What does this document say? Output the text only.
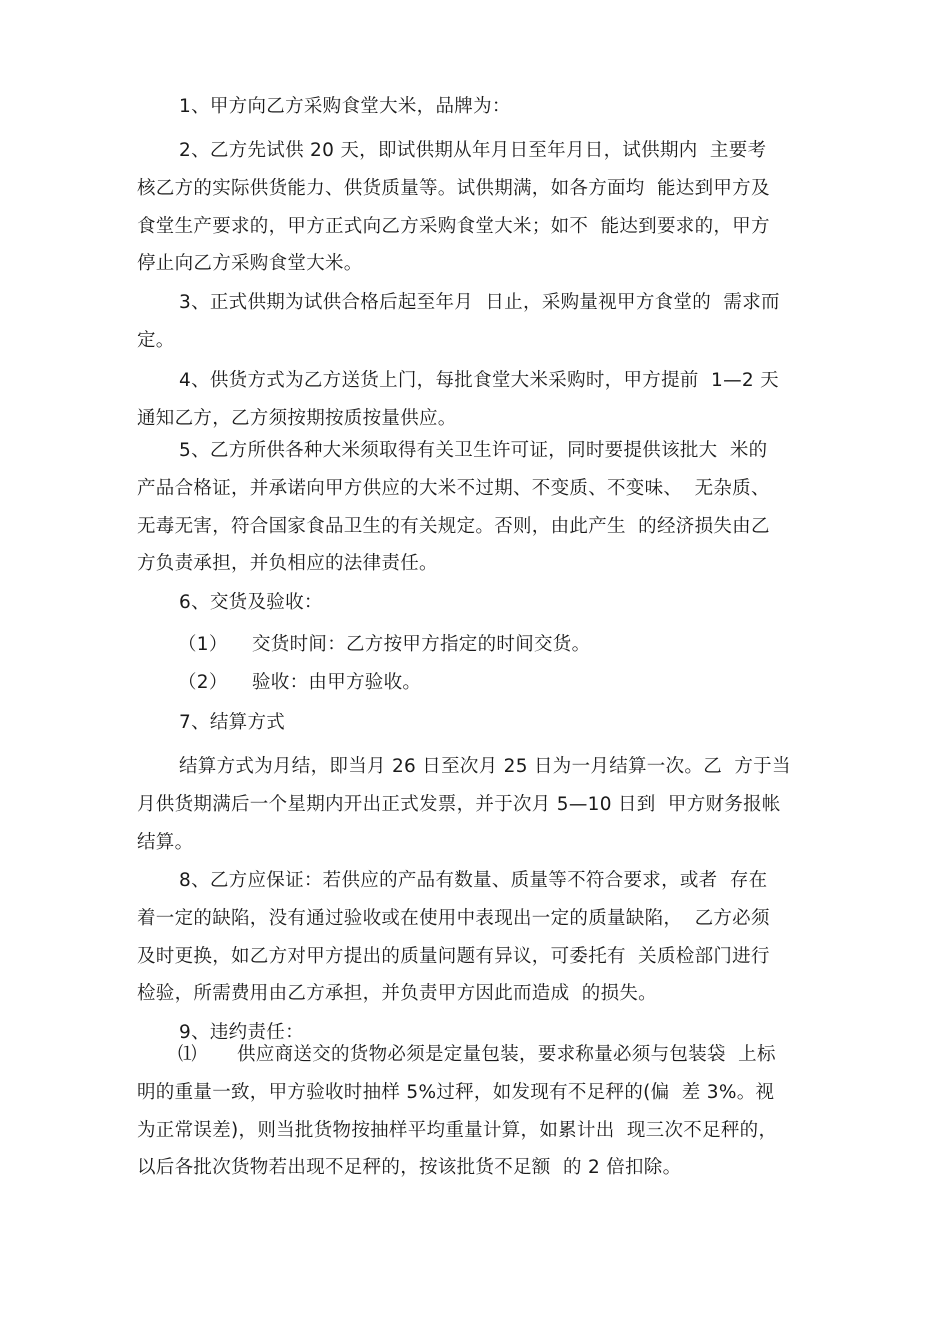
1、甲方向乙方采购食堂大米，品牌为：
2、乙方先试供 20 天，即试供期从年月日至年月日，试供期内  主要考
核乙方的实际供货能力、供货质量等。试供期满，如各方面均  能达到甲方及
食堂生产要求的，甲方正式向乙方采购食堂大米；如不  能达到要求的，甲方
停止向乙方采购食堂大米。
3、正式供期为试供合格后起至年月  日止，采购量视甲方食堂的  需求而
定。
4、供货方式为乙方送货上门，每批食堂大米采购时，甲方提前  1—2 天
通知乙方，乙方须按期按质按量供应。
5、乙方所供各种大米须取得有关卫生许可证，同时要提供该批大  米的
产品合格证，并承诺向甲方供应的大米不过期、不变质、不变味、  无杂质、
无毒无害，符合国家食品卫生的有关规定。否则，由此产生  的经济损失由乙
方负责承担，并负相应的法律责任。
6、交货及验收：
（1） 交货时间：乙方按甲方指定的时间交货。
（2） 验收：由甲方验收。
7、结算方式
结算方式为月结，即当月 26 日至次月 25 日为一月结算一次。乙  方于当
月供货期满后一个星期内开出正式发票，并于次月 5—10 日到  甲方财务报帐
结算。
8、乙方应保证：若供应的产品有数量、质量等不符合要求，或者  存在
着一定的缺陷，没有通过验收或在使用中表现出一定的质量缺陷，  乙方必须
及时更换，如乙方对甲方提出的质量问题有异议，可委托有  关质检部门进行
检验，所需费用由乙方承担，并负责甲方因此而造成  的损失。
9、违约责任：
⑴	供应商送交的货物必须是定量包装，要求称量必须与包装袋  上标
明的重量一致，甲方验收时抽样 5%过秤，如发现有不足秤的(偏  差 3%。视
为正常误差)，则当批货物按抽样平均重量计算，如累计出  现三次不足秤的，
以后各批次货物若出现不足秤的，按该批货不足额  的 2 倍扣除。
